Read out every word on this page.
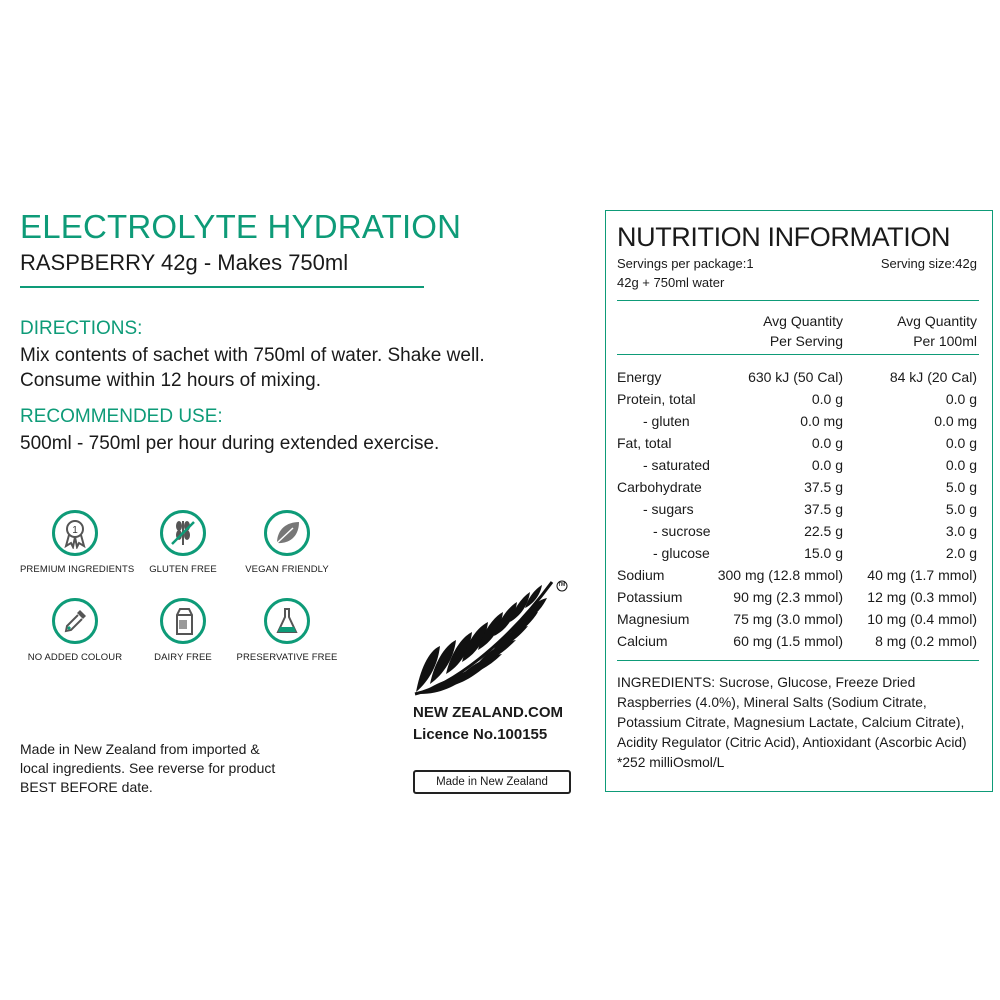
ELECTROLYTE HYDRATION
RASPBERRY 42g - Makes 750ml
DIRECTIONS:
Mix contents of sachet with 750ml of water. Shake well.
Consume within 12 hours of mixing.
RECOMMENDED USE:
500ml - 750ml per hour during extended exercise.
1
PREMIUM INGREDIENTS	GLUTEN FREE	VEGAN FRIENDLY
NO ADDED COLOUR	DAIRY FREE	PRESERVATIVE FREE
Made in New Zealand from imported &
local ingredients. See reverse for product
BEST BEFORE date.
TM
NEW ZEALAND.COM
Licence No.100155
Made in New Zealand
NUTRITION INFORMATION
Servings per package:1	Serving size:42g
42g + 750ml water
Avg Quantity
Per Serving
Avg Quantity
Per 100ml
Energy	630 kJ (50 Cal)	84 kJ (20 Cal)
Protein, total	0.0 g	0.0 g
- gluten	0.0 mg	0.0 mg
Fat, total	0.0 g	0.0 g
- saturated	0.0 g	0.0 g
Carbohydrate	37.5 g	5.0 g
- sugars	37.5 g	5.0 g
- sucrose	22.5 g	3.0 g
- glucose	15.0 g	2.0 g
Sodium	300 mg (12.8 mmol) 40 mg (1.7 mmol)
Potassium	90 mg (2.3 mmol) 12 mg (0.3 mmol)
Magnesium	75 mg (3.0 mmol) 10 mg (0.4 mmol)
Calcium	60 mg (1.5 mmol) 8 mg (0.2 mmol)
INGREDIENTS: Sucrose, Glucose, Freeze Dried Raspberries (4.0%), Mineral Salts (Sodium Citrate, Potassium Citrate, Magnesium Lactate, Calcium Citrate), Acidity Regulator (Citric Acid), Antioxidant (Ascorbic Acid) *252 milliOsmol/L
